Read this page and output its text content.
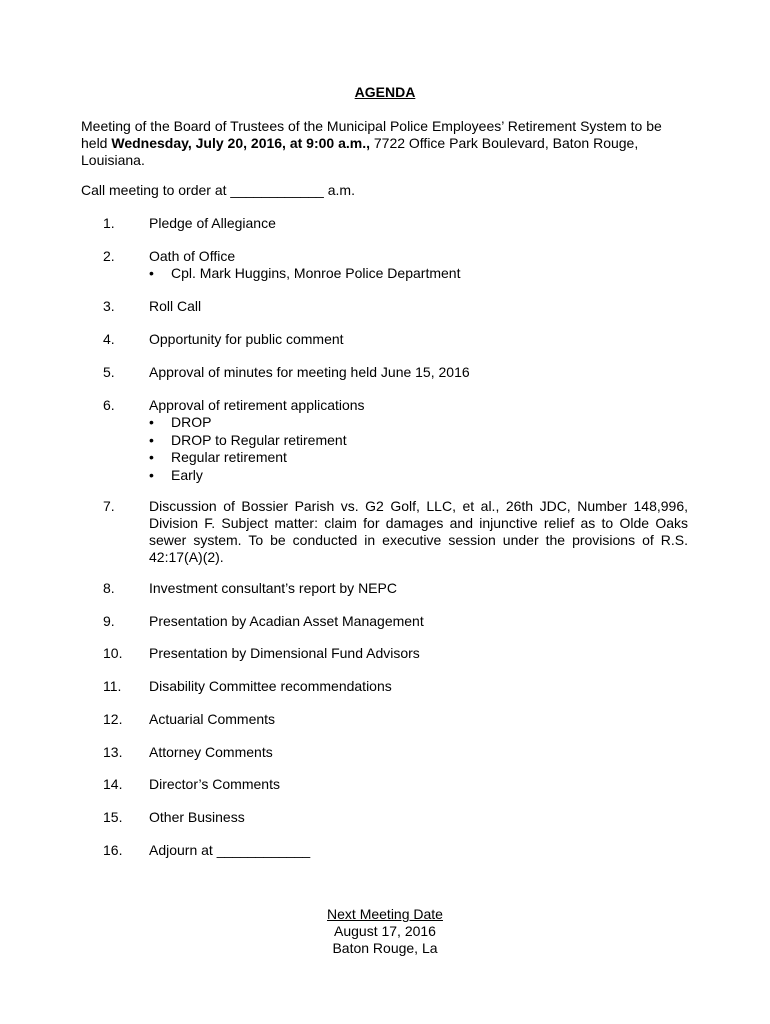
AGENDA
Meeting of the Board of Trustees of the Municipal Police Employees’ Retirement System to be held Wednesday, July 20, 2016, at 9:00 a.m., 7722 Office Park Boulevard, Baton Rouge, Louisiana.
Call meeting to order at ____________ a.m.
1. Pledge of Allegiance
2. Oath of Office
• Cpl. Mark Huggins, Monroe Police Department
3. Roll Call
4. Opportunity for public comment
5. Approval of minutes for meeting held June 15, 2016
6. Approval of retirement applications
• DROP
• DROP to Regular retirement
• Regular retirement
• Early
7. Discussion of Bossier Parish vs. G2 Golf, LLC, et al., 26th JDC, Number 148,996, Division F. Subject matter: claim for damages and injunctive relief as to Olde Oaks sewer system. To be conducted in executive session under the provisions of R.S. 42:17(A)(2).
8. Investment consultant’s report by NEPC
9. Presentation by Acadian Asset Management
10. Presentation by Dimensional Fund Advisors
11. Disability Committee recommendations
12. Actuarial Comments
13. Attorney Comments
14. Director’s Comments
15. Other Business
16. Adjourn at ____________
Next Meeting Date
August 17, 2016
Baton Rouge, La
